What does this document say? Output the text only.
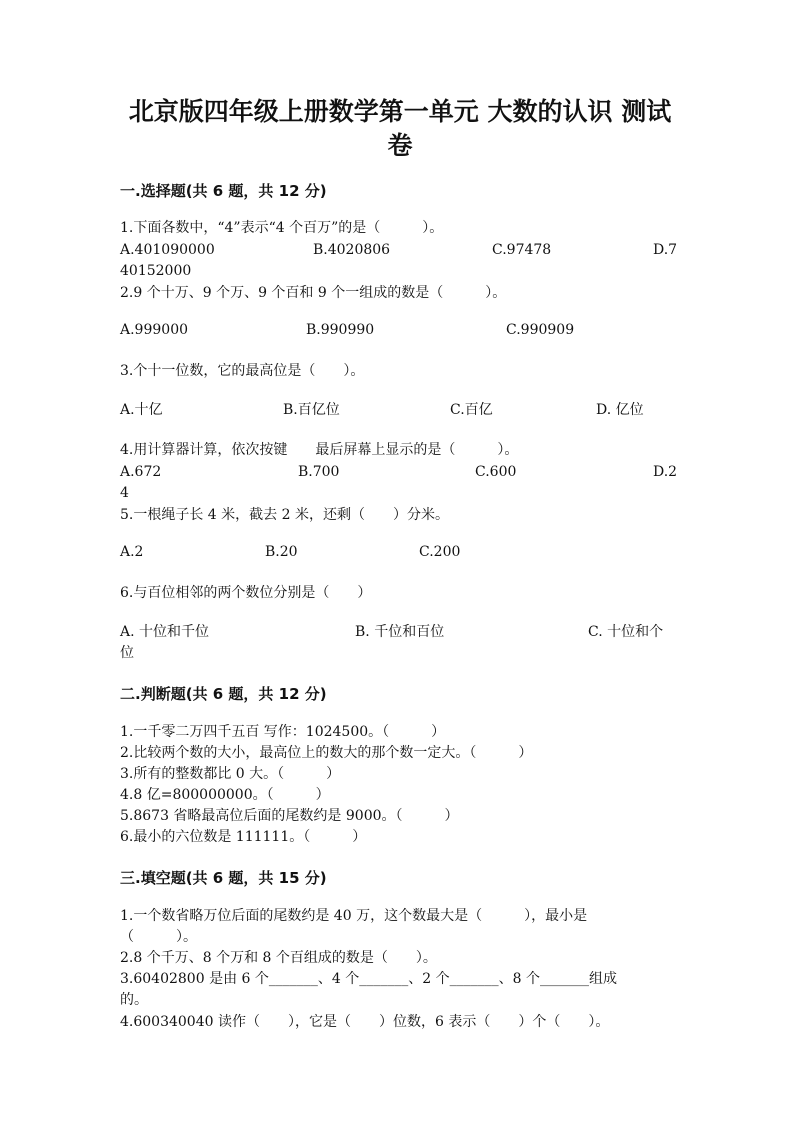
北京版四年级上册数学第一单元 大数的认识 测试
卷
一.选择题(共 6 题，共 12 分)

1.下面各数中，“4”表示“4 个百万”的是（　　　）。

A.401090000	B.4020806	C.97478	D.7
40152000

2.9 个十万、9 个万、9 个百和 9 个一组成的数是（　　　）。

A.999000	B.990990	C.990909

3.个十一位数，它的最高位是（　　）。

A.十亿	B.百亿位	C.百亿	D. 亿位

4.用计算器计算，依次按键　　最后屏幕上显示的是（　　　）。

A.672	B.700	C.600	D.2
4

5.一根绳子长 4 米，截去 2 米，还剩（　　）分米。

A.2	B.20	C.200

6.与百位相邻的两个数位分别是（　　）

A. 十位和千位	B. 千位和百位	C. 十位和个
位
二.判断题(共 6 题，共 12 分)

1.一千零二万四千五百 写作：1024500。（　　　）

2.比较两个数的大小，最高位上的数大的那个数一定大。（　　　）

3.所有的整数都比 0 大。（　　　）

4.8 亿=800000000。（　　　）

5.8673 省略最高位后面的尾数约是 9000。（　　　）

6.最小的六位数是 111111。（　　　）

三.填空题(共 6 题，共 15 分)

1.一个数省略万位后面的尾数约是 40 万，这个数最大是（　　　），最小是

（　　　）。

2.8 个千万、8 个万和 8 个百组成的数是（　　）。

3.60402800 是由 6 个_______、4 个_______、2 个_______、8 个_______组成

的。

4.600340040 读作（　　），它是（　　）位数，6 表示（　　）个（　　）。
